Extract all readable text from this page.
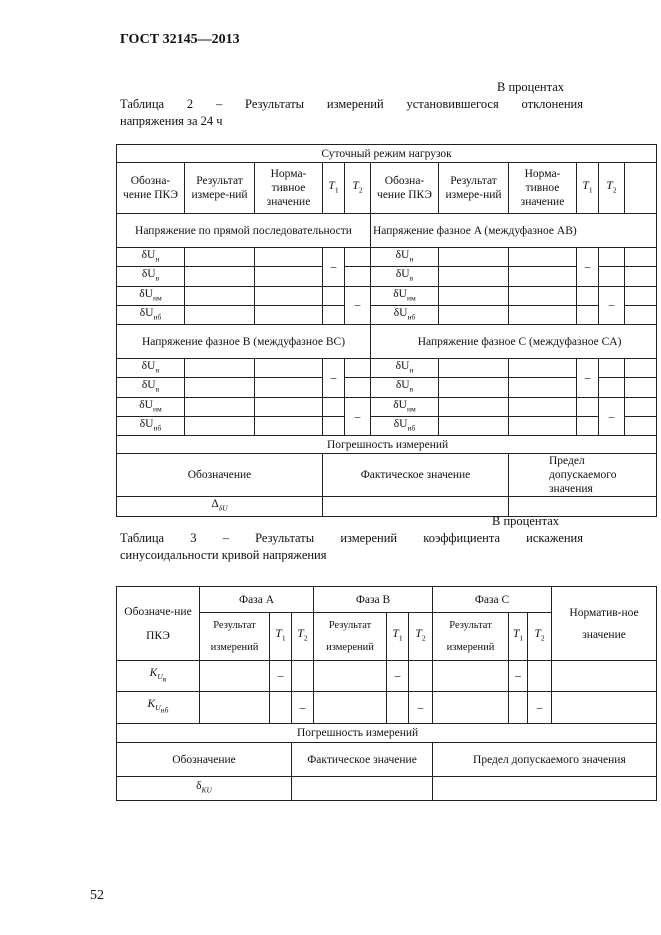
ГОСТ 32145—2013
В процентах
Таблица 2 – Результаты измерений установившегося отклонения
напряжения за 24 ч
Суточный режим нагрузок										
Обозна-чение ПКЭ	Результат измере-ний	Норма-тивное значение	$T_1$	$T_2$	Обозна-чение ПКЭ	Результат измере-ний	Норма-тивное значение	$T_1$	$T_2$	
Напряжение по прямой последовательности					Напряжение фазное A (междуфазное AB)					
$\delta U_н$			–		$\delta U_н$			–		
$\delta U_в$					$\delta U_в$				
$\delta U_{нм}$				–	$\delta U_{нм}$				–	
$\delta U_{нб}$					$\delta U_{нб}$				
Напряжение фазное B (междуфазное BC)					Напряжение фазное C (междуфазное CA)					
$\delta U_н$			–		$\delta U_н$			–		
$\delta U_в$					$\delta U_в$				
$\delta U_{нм}$				–	$\delta U_{нм}$				–	
$\delta U_{нб}$					$\delta U_{нб}$				
Погрешность измерений										
Обозначение			Фактическое значение				Предел допускаемого значения			
$\Delta_{\delta U}$		
В процентах
Таблица 3 – Результаты измерений коэффициента искажения
синусоидальности кривой напряжения
Обозначе-ние ПКЭ	Фаза A			Фаза B			Фаза C			Норматив-ное значение
	Результат измерений	$T_1$	$T_2$	Результат измерений	$T_1$	$T_2$	Результат измерений	$T_1$	$T_2$

$K_{U_в}$		–			–			–		
$K_{U_{нб}}$			–			–			–	
Погрешность измерений										
Обозначение			Фактическое значение				Предел допускаемого значения			
$\delta_{KU}$		
52
